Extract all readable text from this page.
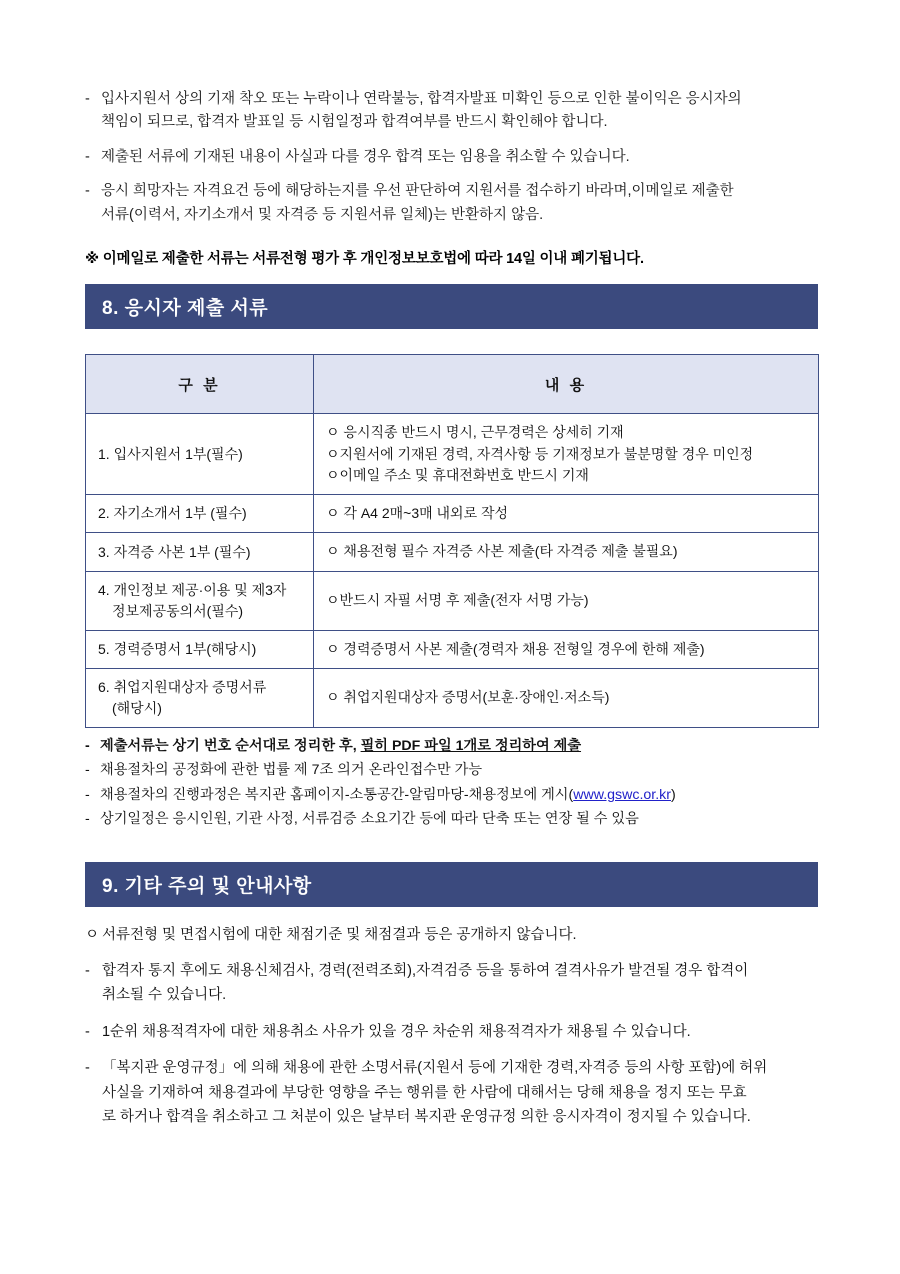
- 입사지원서 상의 기재 착오 또는 누락이나 연락불능, 합격자발표 미확인 등으로 인한 불이익은 응시자의
책임이 되므로, 합격자 발표일 등 시험일정과 합격여부를 반드시 확인해야 합니다.
- 제출된 서류에 기재된 내용이 사실과 다를 경우 합격 또는 임용을 취소할 수 있습니다.
- 응시 희망자는 자격요건 등에 해당하는지를 우선 판단하여 지원서를 접수하기 바라며,이메일로 제출한
서류(이력서, 자기소개서 및 자격증 등 지원서류 일체)는 반환하지 않음.
※ 이메일로 제출한 서류는 서류전형 평가 후 개인정보보호법에 따라 14일 이내 폐기됩니다.
8. 응시자 제출 서류
구 분	내 용
1. 입사지원서 1부(필수)	ㅇ 응시직종 반드시 명시, 근무경력은 상세히 기재
ㅇ지원서에 기재된 경력, 자격사항 등 기재정보가 불분명할 경우 미인정
ㅇ이메일 주소 및 휴대전화번호 반드시 기재

2. 자기소개서 1부 (필수)	ㅇ 각 A4 2매~3매 내외로 작성

3. 자격증 사본 1부 (필수)	ㅇ 채용전형 필수 자격증 사본 제출(타 자격증 제출 불필요)

4. 개인정보 제공·이용 및 제3자
정보제공동의서(필수)	ㅇ반드시 자필 서명 후 제출(전자 서명 가능)

5. 경력증명서 1부(해당시)	ㅇ 경력증명서 사본 제출(경력자 채용 전형일 경우에 한해 제출)

6. 취업지원대상자 증명서류
(해당시)	ㅇ 취업지원대상자 증명서(보훈·장애인·저소득)
- 제출서류는 상기 번호 순서대로 정리한 후, 필히 PDF 파일 1개로 정리하여 제출
- 채용절차의 공정화에 관한 법률 제 7조 의거 온라인접수만 가능
- 채용절차의 진행과정은 복지관 홈페이지-소통공간-알림마당-채용정보에 게시(www.gswc.or.kr)
- 상기일정은 응시인원, 기관 사정, 서류검증 소요기간 등에 따라 단축 또는 연장 될 수 있음
9. 기타 주의 및 안내사항
ㅇ 서류전형 및 면접시험에 대한 채점기준 및 채점결과 등은 공개하지 않습니다.
- 합격자 통지 후에도 채용신체검사, 경력(전력조회),자격검증 등을 통하여 결격사유가 발견될 경우 합격이
취소될 수 있습니다.
- 1순위 채용적격자에 대한 채용취소 사유가 있을 경우 차순위 채용적격자가 채용될 수 있습니다.
- 「복지관 운영규정」에 의해 채용에 관한 소명서류(지원서 등에 기재한 경력,자격증 등의 사항 포함)에 허위
사실을 기재하여 채용결과에 부당한 영향을 주는 행위를 한 사람에 대해서는 당해 채용을 정지 또는 무효
로 하거나 합격을 취소하고 그 처분이 있은 날부터 복지관 운영규정 의한 응시자격이 정지될 수 있습니다.
